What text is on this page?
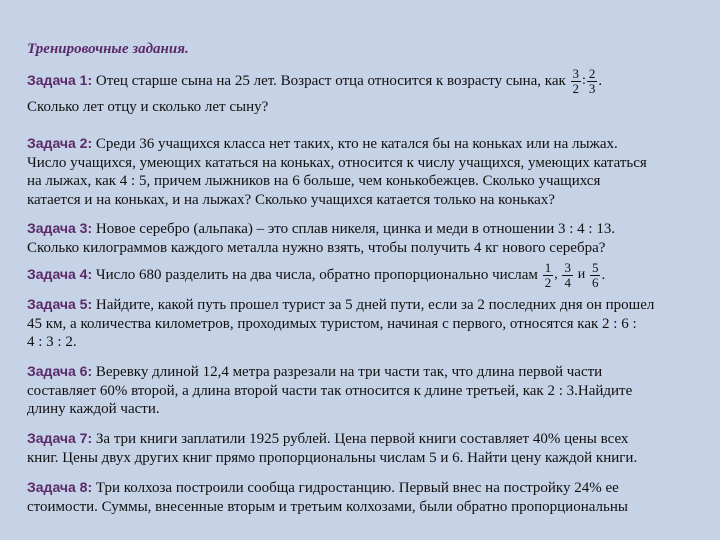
Тренировочные задания.
Задача 1: Отец старше сына на 25 лет. Возраст отца относится к возрасту сына, как $\frac{3}{2}$ : $\frac{2}{3}$ .
Сколько лет отцу и сколько лет сыну?
Задача 2: Среди 36 учащихся класса нет таких, кто не катался бы на коньках или на лыжах.
Число учащихся, умеющих кататься на коньках, относится к числу учащихся, умеющих кататься
на лыжах, как 4 : 5, причем лыжников на 6 больше, чем конькобежцев. Сколько учащихся
катается и на коньках, и на лыжах? Сколько учащихся катается только на коньках?
Задача 3: Новое серебро (альпака) – это сплав никеля, цинка и меди в отношении 3 : 4 : 13.
Сколько килограммов каждого металла нужно взять, чтобы получить 4 кг нового серебра?
Задача 4: Число 680 разделить на два числа, обратно пропорционально числам $\frac{1}{2}$ , $\frac{3}{4}$ и $\frac{5}{6}$ .
Задача 5: Найдите, какой путь прошел турист за 5 дней пути, если за 2 последних дня он прошел
45 км, а количества километров, проходимых туристом, начиная с первого, относятся как 2 : 6 :
4 : 3 : 2.
Задача 6: Веревку длиной 12,4 метра разрезали на три части так, что длина первой части
составляет 60% второй, а длина второй части так относится к длине третьей, как 2 : 3.Найдите
длину каждой части.
Задача 7: За три книги заплатили 1925 рублей. Цена первой книги составляет 40% цены всех
книг. Цены двух других книг прямо пропорциональны числам 5 и 6. Найти цену каждой книги.
Задача 8: Три колхоза построили сообща гидростанцию. Первый внес на постройку 24% ее
стоимости. Суммы, внесенные вторым и третьим колхозами, были обратно пропорциональны
